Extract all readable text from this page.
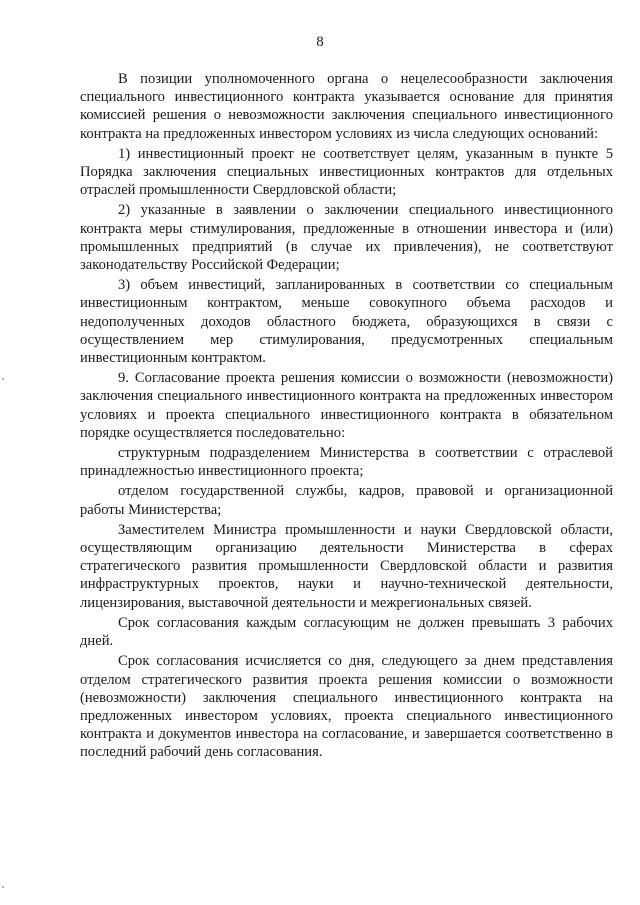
8

В позиции уполномоченного органа о нецелесообразности заключения специального инвестиционного контракта указывается основание для принятия комиссией решения о невозможности заключения специального инвестиционного контракта на предложенных инвестором условиях из числа следующих оснований:

1) инвестиционный проект не соответствует целям, указанным в пункте 5 Порядка заключения специальных инвестиционных контрактов для отдельных отраслей промышленности Свердловской области;

2) указанные в заявлении о заключении специального инвестиционного контракта меры стимулирования, предложенные в отношении инвестора и (или) промышленных предприятий (в случае их привлечения), не соответствуют законодательству Российской Федерации;

3) объем инвестиций, запланированных в соответствии со специальным инвестиционным контрактом, меньше совокупного объема расходов и недополученных доходов областного бюджета, образующихся в связи с осуществлением мер стимулирования, предусмотренных специальным инвестиционным контрактом.

9. Согласование проекта решения комиссии о возможности (невозможности) заключения специального инвестиционного контракта на предложенных инвестором условиях и проекта специального инвестиционного контракта в обязательном порядке осуществляется последовательно:

структурным подразделением Министерства в соответствии с отраслевой принадлежностью инвестиционного проекта;

отделом государственной службы, кадров, правовой и организационной работы Министерства;

Заместителем Министра промышленности и науки Свердловской области, осуществляющим организацию деятельности Министерства в сферах стратегического развития промышленности Свердловской области и развития инфраструктурных проектов, науки и научно-технической деятельности, лицензирования, выставочной деятельности и межрегиональных связей.

Срок согласования каждым согласующим не должен превышать 3 рабочих дней.

Срок согласования исчисляется со дня, следующего за днем представления отделом стратегического развития проекта решения комиссии о возможности (невозможности) заключения специального инвестиционного контракта на предложенных инвестором условиях, проекта специального инвестиционного контракта и документов инвестора на согласование, и завершается соответственно в последний рабочий день согласования.
